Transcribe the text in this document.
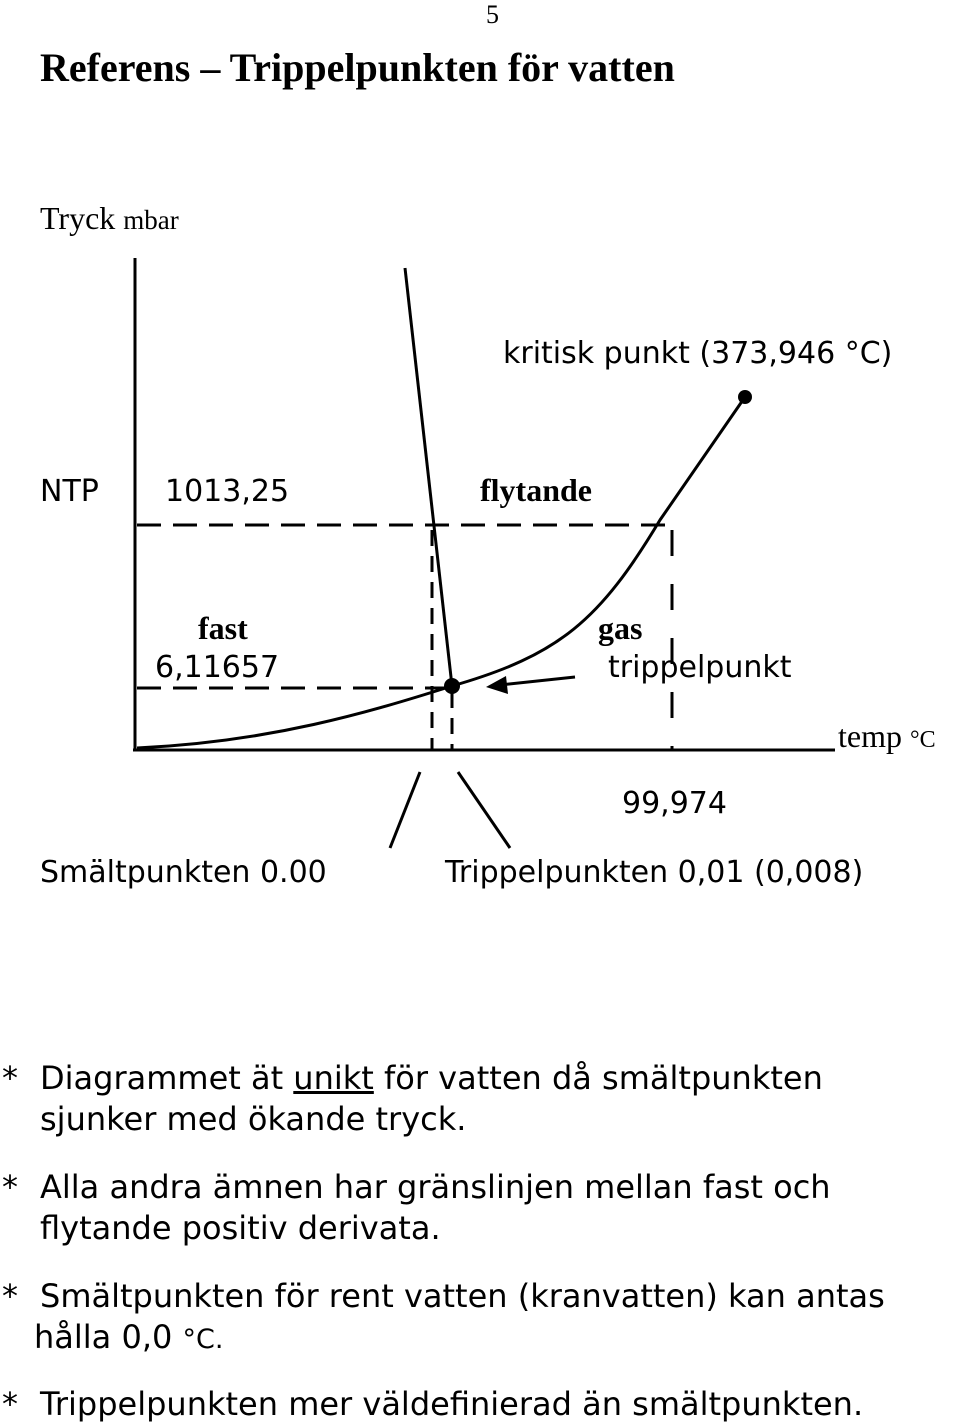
5
Referens – Trippelpunkten för vatten
Tryck mbar
kritisk punkt (373,946 °C)
NTP 1013,25	flytande
fast	gas
6,11657	trippelpunkt
temp °C
99,974
Smältpunkten 0.00	Trippelpunkten 0,01 (0,008)
* Diagrammet ät unikt för vatten då smältpunkten
sjunker med ökande tryck.
* Alla andra ämnen har gränslinjen mellan fast och
flytande positiv derivata.
* Smältpunkten för rent vatten (kranvatten) kan antas
hålla 0,0 °C.
* Trippelpunkten mer väldefinierad än smältpunkten.
